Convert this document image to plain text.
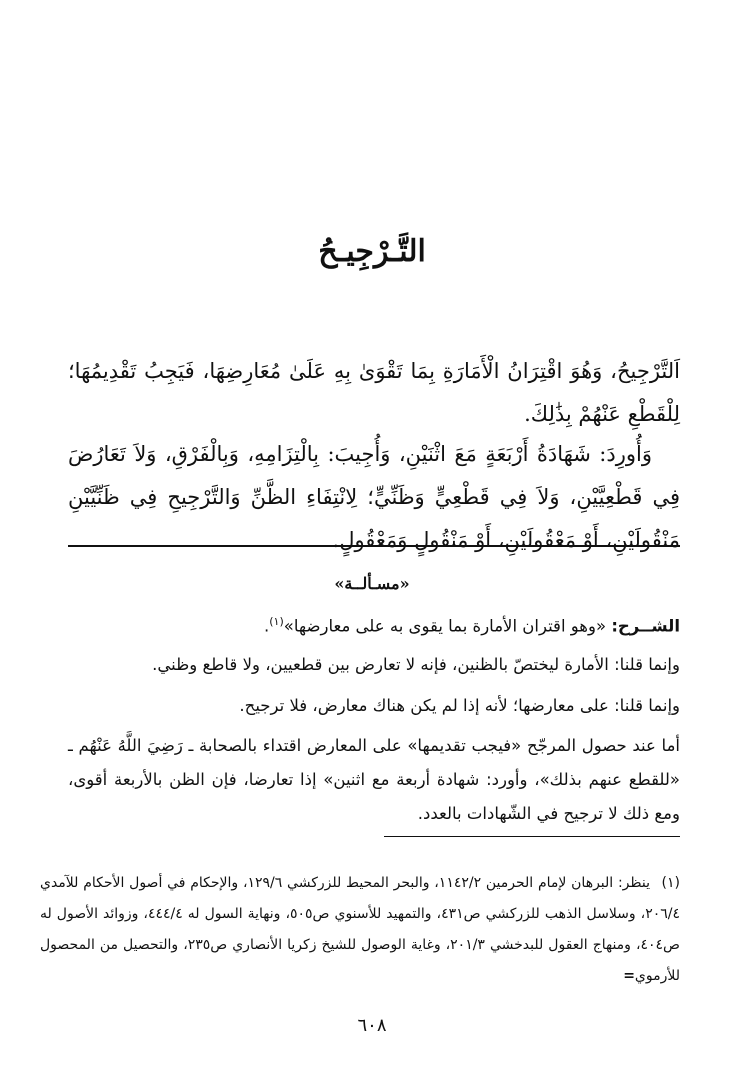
التَّـرْجِيـحُ

اَلتَّرْجِيحُ، وَهُوَ اقْتِرَانُ الْأَمَارَةِ بِمَا تَقْوَىٰ بِهِ عَلَىٰ مُعَارِضِهَا، فَيَجِبُ تَقْدِيمُهَا؛ لِلْقَطْعِ عَنْهُمْ بِذَٰلِكَ.

وَأُورِدَ: شَهَادَةُ أَرْبَعَةٍ مَعَ اثْنَيْنِ، وَأُجِيبَ: بِالْتِزَامِهِ، وَبِالْفَرْقِ، وَلاَ تَعَارُضَ فِي قَطْعِيَّيْنِ، وَلاَ فِي قَطْعِيٍّ وَظَنِّيٍّ؛ لِانْتِفَاءِ الظَّنِّ وَالتَّرْجِيحِ فِي ظَنِّيَّيْنِ مَنْقُولَيْنِ، أَوْ مَعْقُولَيْنِ، أَوْ مَنْقُولٍ وَمَعْقُولٍ.

«مسـألــة»

الشــرح: «وهو اقتران الأمارة بما يقوى به على معارضها»$^{(١)}$.

وإنما قلنا: الأمارة ليختصّ بالظنين، فإنه لا تعارض بين قطعيين، ولا قاطع وظني.

وإنما قلنا: على معارضها؛ لأنه إذا لم يكن هناك معارض، فلا ترجيح.

أما عند حصول المرجّح «فيجب تقديمها» على المعارض اقتداء بالصحابة ـ رَضِيَ اللَّهُ عَنْهُم ـ «للقطع عنهم بذلك»، وأورد: شهادة أربعة مع اثنين» إذا تعارضا، فإن الظن بالأربعة أقوى، ومع ذلك لا ترجيح في الشّهادات بالعدد.

(١)
ينظر: البرهان لإمام الحرمين ١١٤٢/٢، والبحر المحيط للزركشي ١٢٩/٦، والإحكام في أصول الأحكام للآمدي ٢٠٦/٤، وسلاسل الذهب للزركشي ص٤٣١، والتمهيد للأسنوي ص٥٠٥، ونهاية السول له ٤٤٤/٤، وزوائد الأصول له ص٤٠٤، ومنهاج العقول للبدخشي ٢٠١/٣، وغاية الوصول للشيخ زكريا الأنصاري ص٢٣٥، والتحصيل من المحصول للأرموي=

٦٠٨
